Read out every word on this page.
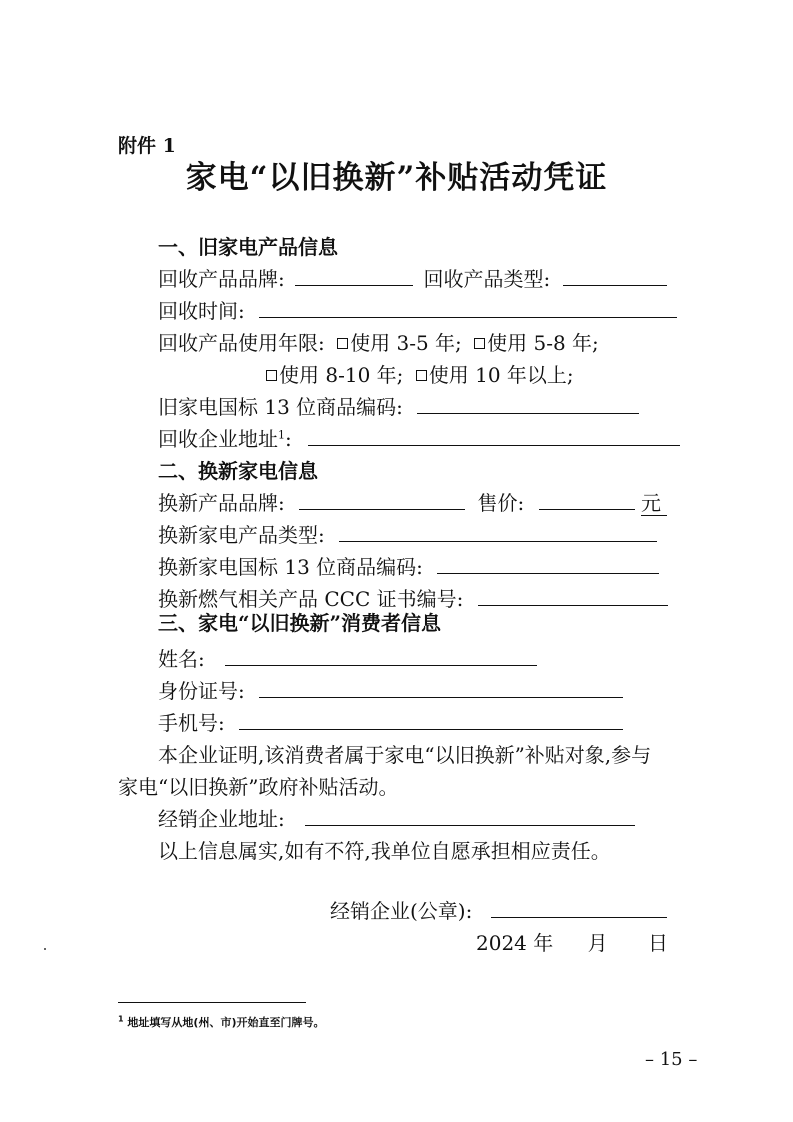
附件 1
家电“以旧换新”补贴活动凭证
一、旧家电产品信息
回收产品品牌:	回收产品类型:
回收时间:
回收产品使用年限: 使用 3-5 年; 使用 5-8 年;
使用 8-10 年; 使用 10 年以上;
旧家电国标 13 位商品编码:
回收企业地址$^1$:
二、换新家电信息
换新产品品牌:	售价:	元
换新家电产品类型:
换新家电国标 13 位商品编码:
换新燃气相关产品 CCC 证书编号:
三、家电“以旧换新”消费者信息
姓名:
身份证号:
手机号:
本企业证明,该消费者属于家电“以旧换新”补贴对象,参与
家电“以旧换新”政府补贴活动。
经销企业地址:
以上信息属实,如有不符,我单位自愿承担相应责任。
经销企业(公章):
2024 年 月 日
$^1$ 地址填写从地(州、市)开始直至门牌号。
– 15 –
